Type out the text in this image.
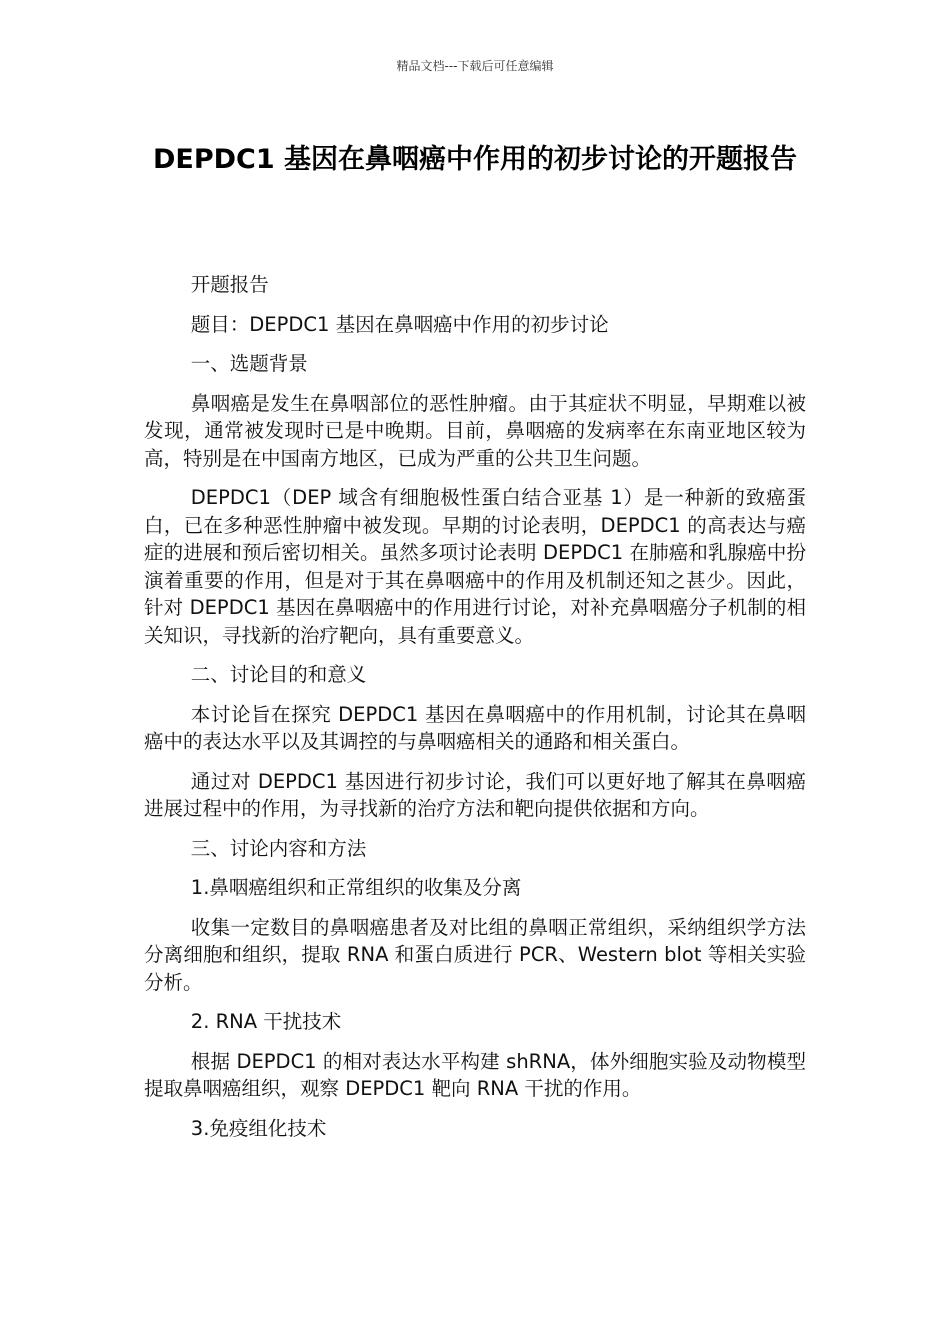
精品文档---下载后可任意编辑
DEPDC1 基因在鼻咽癌中作用的初步讨论的开题报告

开题报告

题目：DEPDC1 基因在鼻咽癌中作用的初步讨论

一、选题背景

鼻咽癌是发生在鼻咽部位的恶性肿瘤。由于其症状不明显，早期难以被发现，通常被发现时已是中晚期。目前，鼻咽癌的发病率在东南亚地区较为高，特别是在中国南方地区，已成为严重的公共卫生问题。

DEPDC1（DEP 域含有细胞极性蛋白结合亚基 1）是一种新的致癌蛋白，已在多种恶性肿瘤中被发现。早期的讨论表明，DEPDC1 的高表达与癌症的进展和预后密切相关。虽然多项讨论表明 DEPDC1 在肺癌和乳腺癌中扮演着重要的作用，但是对于其在鼻咽癌中的作用及机制还知之甚少。因此，针对 DEPDC1 基因在鼻咽癌中的作用进行讨论，对补充鼻咽癌分子机制的相关知识，寻找新的治疗靶向，具有重要意义。

二、讨论目的和意义

本讨论旨在探究 DEPDC1 基因在鼻咽癌中的作用机制，讨论其在鼻咽癌中的表达水平以及其调控的与鼻咽癌相关的通路和相关蛋白。

通过对 DEPDC1 基因进行初步讨论，我们可以更好地了解其在鼻咽癌进展过程中的作用，为寻找新的治疗方法和靶向提供依据和方向。

三、讨论内容和方法

1.鼻咽癌组织和正常组织的收集及分离

收集一定数目的鼻咽癌患者及对比组的鼻咽正常组织，采纳组织学方法分离细胞和组织，提取 RNA 和蛋白质进行 PCR、Western blot 等相关实验分析。

2. RNA 干扰技术

根据 DEPDC1 的相对表达水平构建 shRNA，体外细胞实验及动物模型提取鼻咽癌组织，观察 DEPDC1 靶向 RNA 干扰的作用。

3.免疫组化技术
